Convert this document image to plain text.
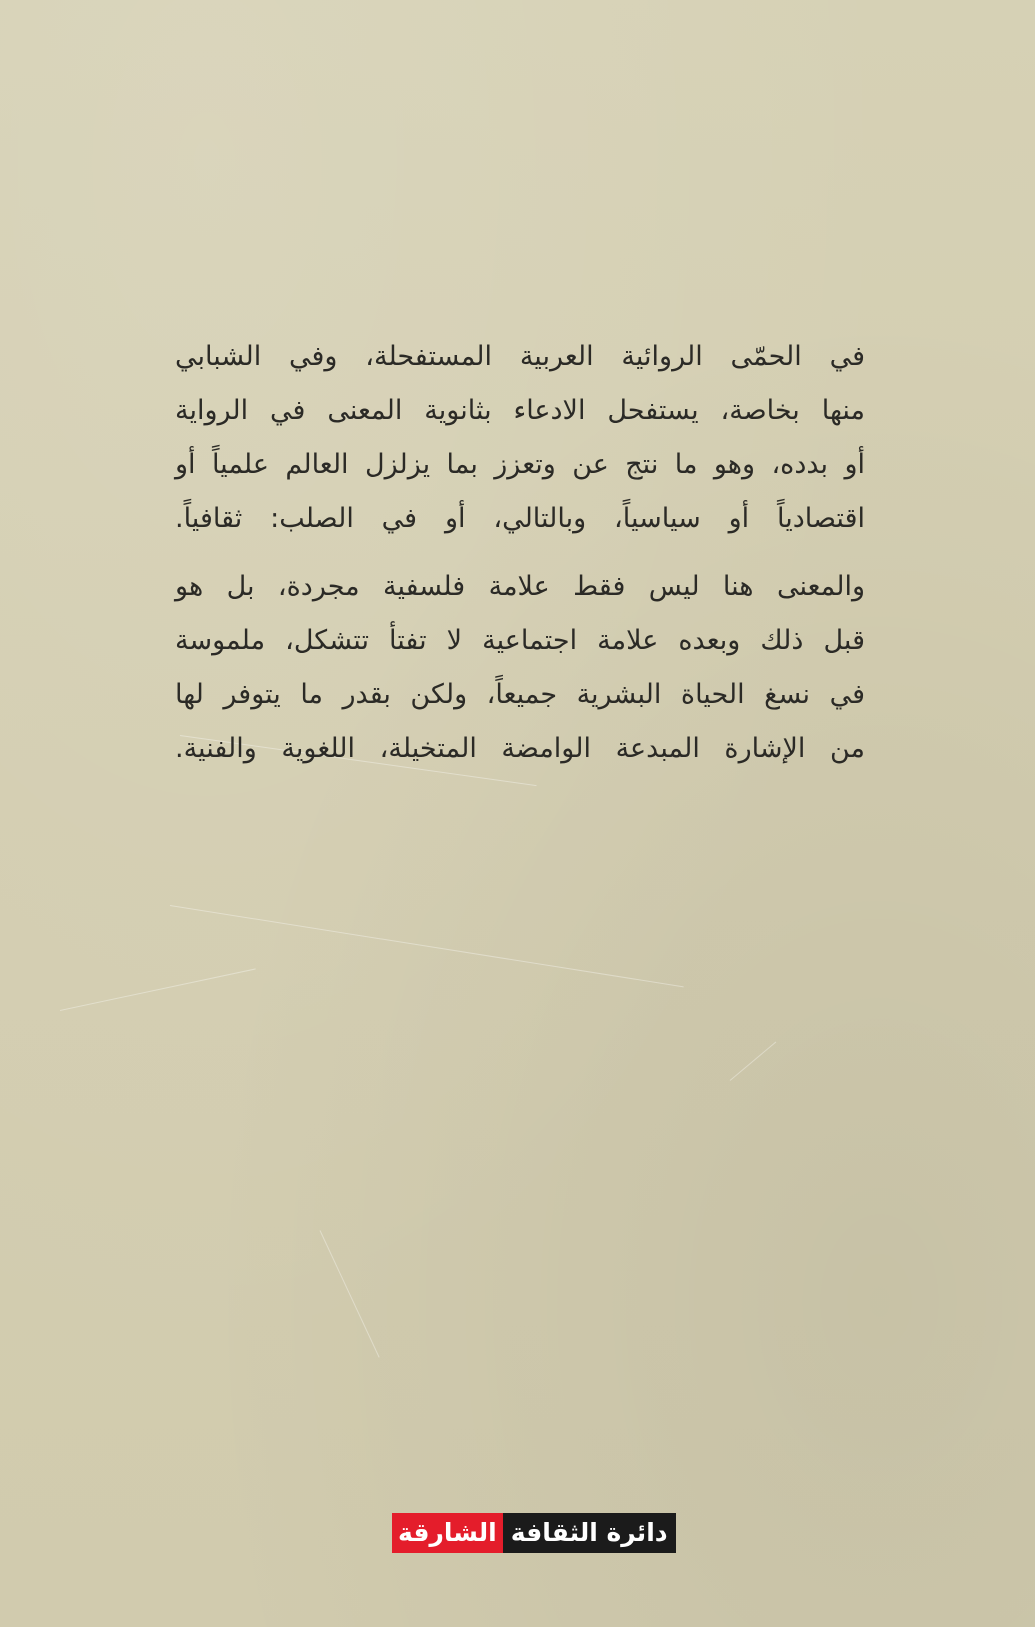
في الحمّى الروائية العربية المستفحلة، وفي الشبابي
منها بخاصة، يستفحل الادعاء بثانوية المعنى في الرواية
أو بدده، وهو ما نتج عن وتعزز بما يزلزل العالم علمياً أو
اقتصادياً أو سياسياً، وبالتالي، أو في الصلب: ثقافياً.

والمعنى هنا ليس فقط علامة فلسفية مجردة، بل هو
قبل ذلك وبعده علامة اجتماعية لا تفتأ تتشكل، ملموسة
في نسغ الحياة البشرية جميعاً، ولكن بقدر ما يتوفر لها
من الإشارة المبدعة الوامضة المتخيلة، اللغوية والفنية.

الشارقة دائرة الثقافة
